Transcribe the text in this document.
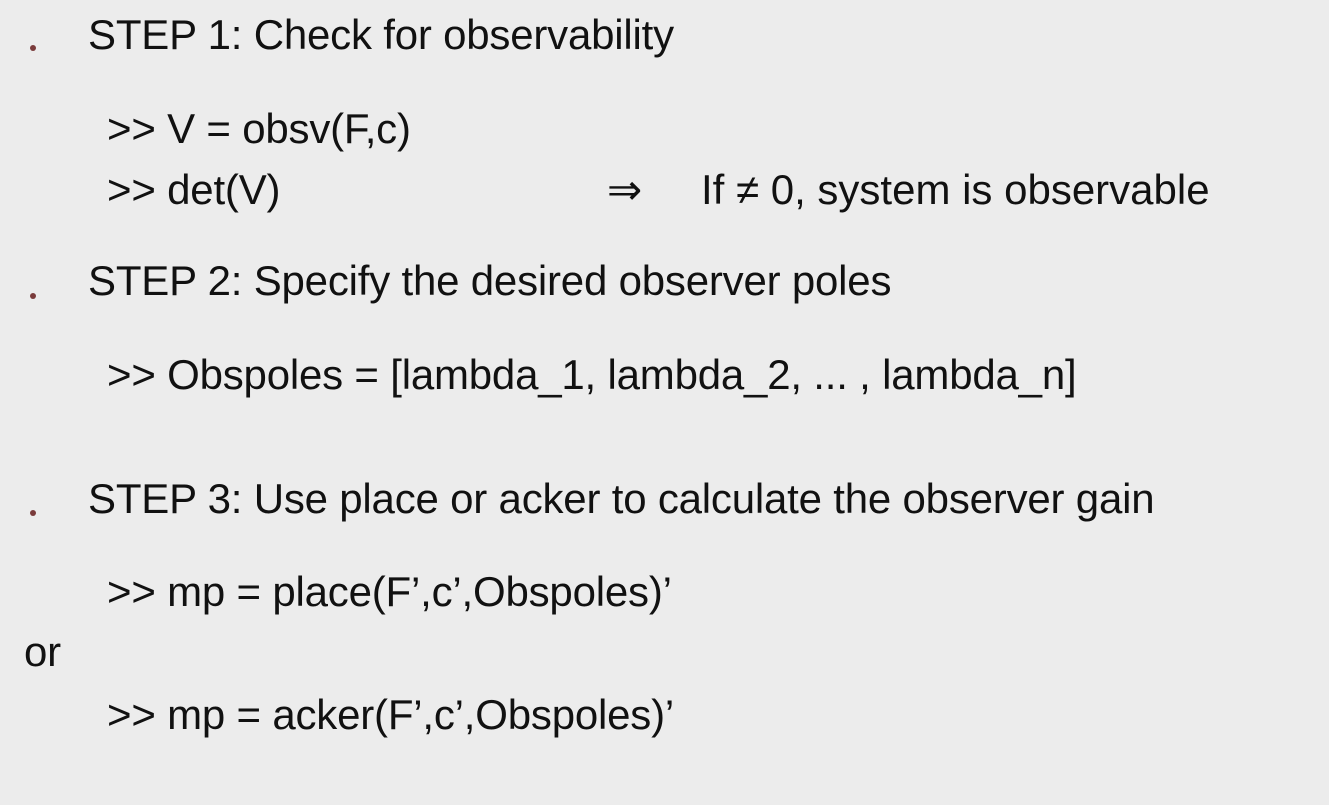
STEP 1: Check for observability
>> V = obsv(F,c)
>> det(V)	⇒ If ≠ 0, system is observable
STEP 2: Specify the desired observer poles
>> Obspoles = [lambda_1, lambda_2, ... , lambda_n]
STEP 3: Use place or acker to calculate the observer gain
>> mp = place(F’,c’,Obspoles)’
or
>> mp = acker(F’,c’,Obspoles)’
